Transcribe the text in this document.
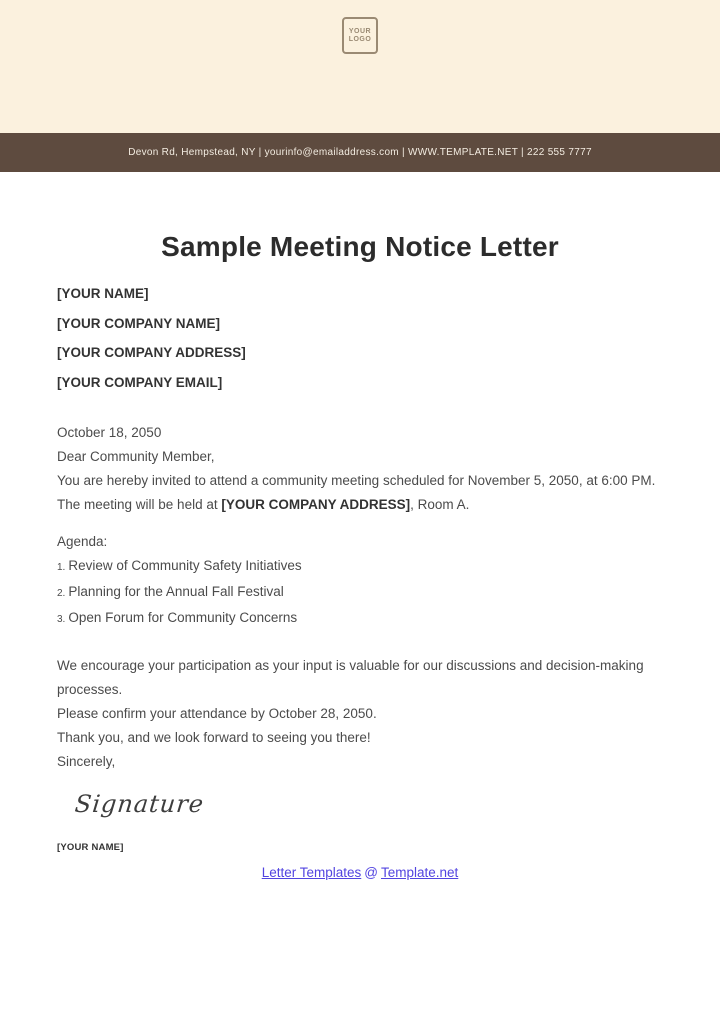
YOUR
LOGO
Devon Rd, Hempstead, NY | yourinfo@emailaddress.com | WWW.TEMPLATE.NET | 222 555 7777
Sample Meeting Notice Letter

[YOUR NAME]

[YOUR COMPANY NAME]

[YOUR COMPANY ADDRESS]

[YOUR COMPANY EMAIL]

October 18, 2050

Dear Community Member,

You are hereby invited to attend a community meeting scheduled for November 5, 2050, at 6:00 PM. The meeting will be held at [YOUR COMPANY ADDRESS], Room A.

Agenda:

1. Review of Community Safety Initiatives
2. Planning for the Annual Fall Festival
3. Open Forum for Community Concerns

We encourage your participation as your input is valuable for our discussions and decision-making processes.

Please confirm your attendance by October 28, 2050.

Thank you, and we look forward to seeing you there!

Sincerely,

Signature

[YOUR NAME]

Letter Templates @ Template.net
